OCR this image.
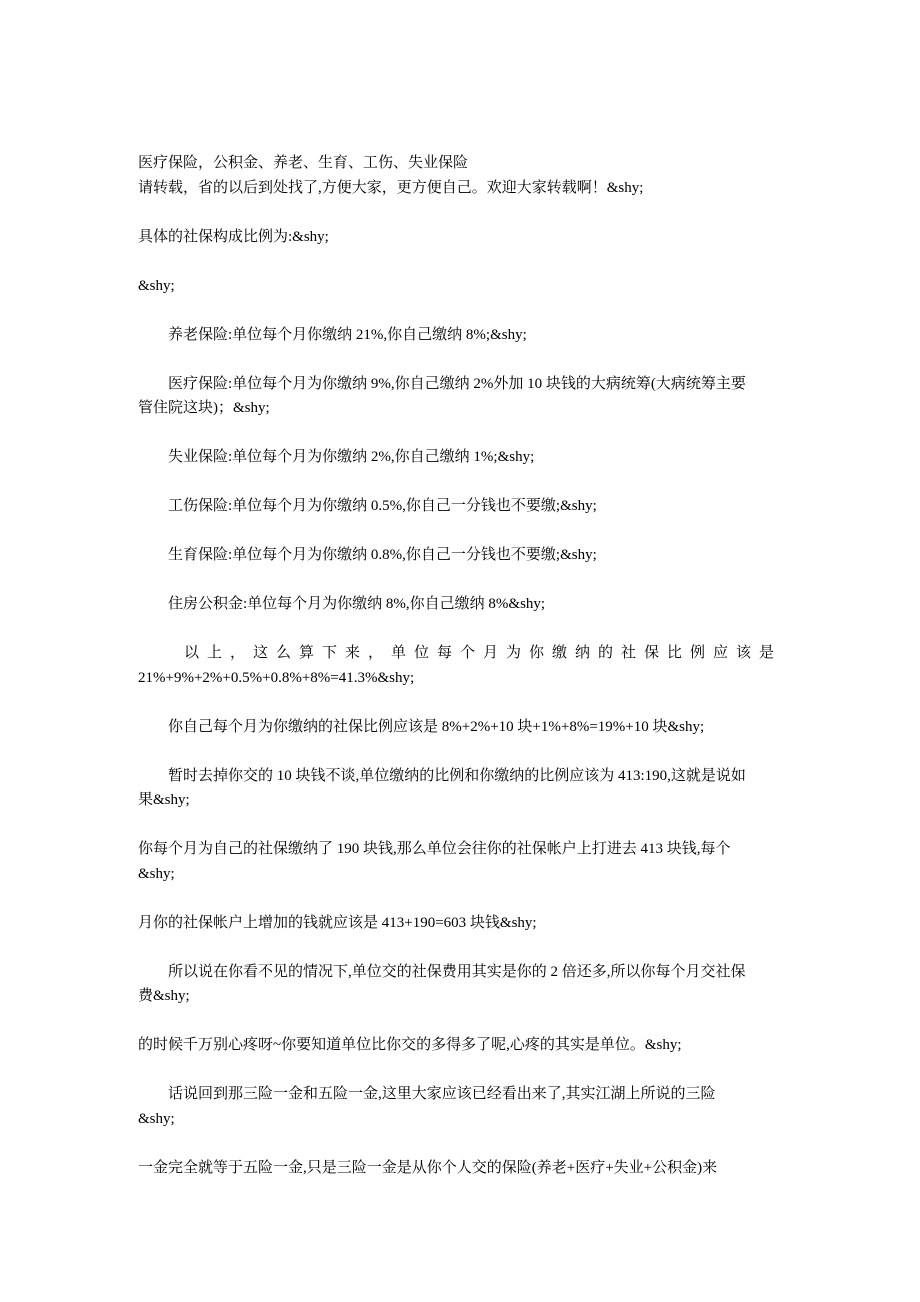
医疗保险，公积金、养老、生育、工伤、失业保险
请转载，省的以后到处找了,方便大家，更方便自己。欢迎大家转载啊！&shy;

具体的社保构成比例为:&shy;

&shy;

　　养老保险:单位每个月你缴纳 21%,你自己缴纳 8%;&shy;

　　医疗保险:单位每个月为你缴纳 9%,你自己缴纳 2%外加 10 块钱的大病统筹(大病统筹主要
管住院这块)；&shy;

　　失业保险:单位每个月为你缴纳 2%,你自己缴纳 1%;&shy;

　　工伤保险:单位每个月为你缴纳 0.5%,你自己一分钱也不要缴;&shy;

　　生育保险:单位每个月为你缴纳 0.8%,你自己一分钱也不要缴;&shy;

　　住房公积金:单位每个月为你缴纳 8%,你自己缴纳 8%&shy;

　　以上，这么算下来，单位每个月为你缴纳的社保比例应该是
21%+9%+2%+0.5%+0.8%+8%=41.3%&shy;

　　你自己每个月为你缴纳的社保比例应该是 8%+2%+10 块+1%+8%=19%+10 块&shy;

　　暂时去掉你交的 10 块钱不谈,单位缴纳的比例和你缴纳的比例应该为 413:190,这就是说如
果&shy;

你每个月为自己的社保缴纳了 190 块钱,那么单位会往你的社保帐户上打进去 413 块钱,每个
&shy;

月你的社保帐户上增加的钱就应该是 413+190=603 块钱&shy;

　　所以说在你看不见的情况下,单位交的社保费用其实是你的 2 倍还多,所以你每个月交社保
费&shy;

的时候千万别心疼呀~你要知道单位比你交的多得多了呢,心疼的其实是单位。&shy;

　　话说回到那三险一金和五险一金,这里大家应该已经看出来了,其实江湖上所说的三险
&shy;

一金完全就等于五险一金,只是三险一金是从你个人交的保险(养老+医疗+失业+公积金)来
